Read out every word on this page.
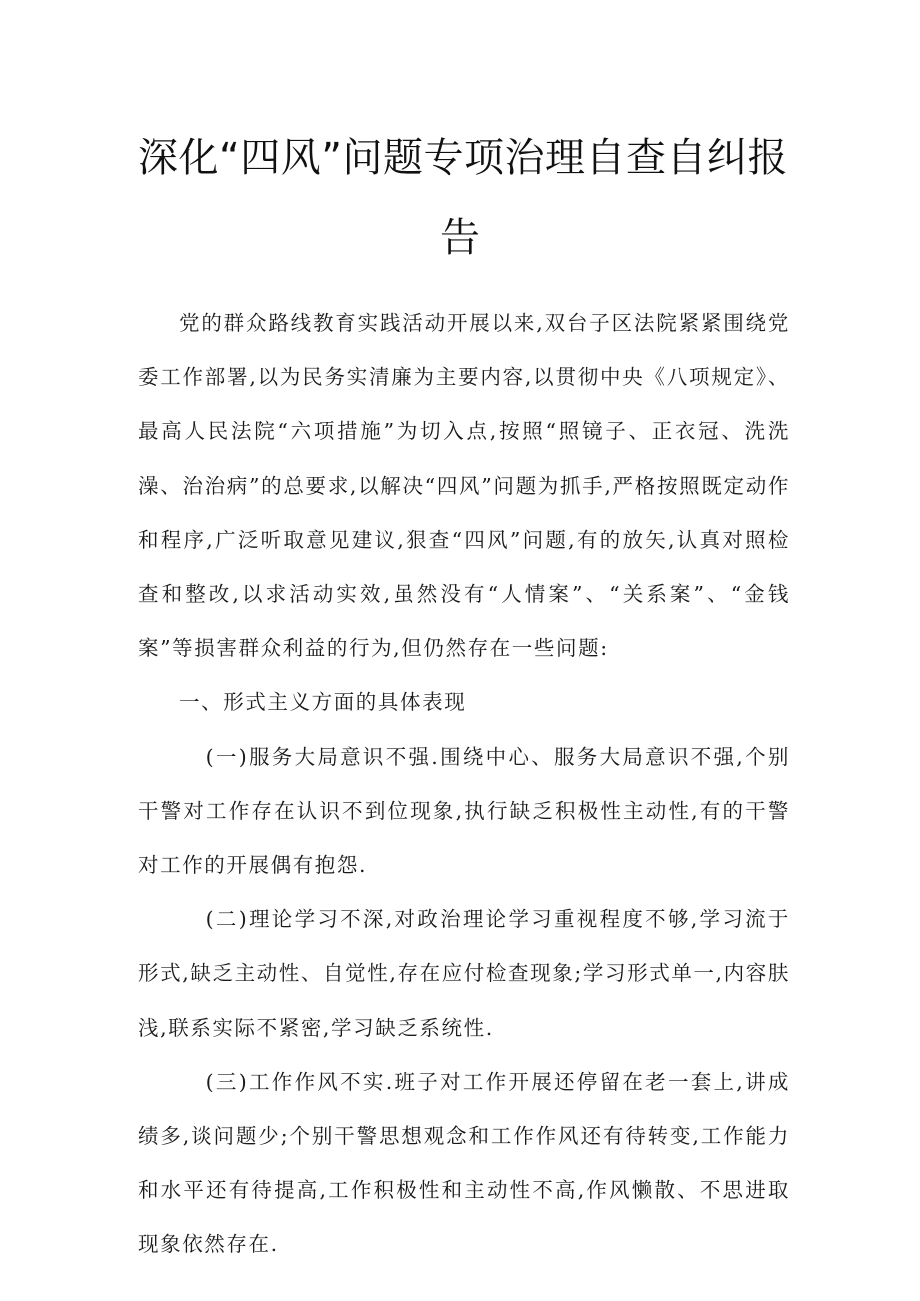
深化“四风”问题专项治理自查自纠报
告

党的群众路线教育实践活动开展以来,双台子区法院紧紧围绕党委工作部署,以为民务实清廉为主要内容,以贯彻中央《八项规定》、最高人民法院“六项措施”为切入点,按照“照镜子、正衣冠、洗洗澡、治治病”的总要求,以解决“四风”问题为抓手,严格按照既定动作和程序,广泛听取意见建议,狠查“四风”问题,有的放矢,认真对照检查和整改,以求活动实效,虽然没有“人情案”、“关系案”、“金钱案”等损害群众利益的行为,但仍然存在一些问题:

一、形式主义方面的具体表现

(一)服务大局意识不强.围绕中心、服务大局意识不强,个别干警对工作存在认识不到位现象,执行缺乏积极性主动性,有的干警对工作的开展偶有抱怨.

(二)理论学习不深,对政治理论学习重视程度不够,学习流于形式,缺乏主动性、自觉性,存在应付检查现象;学习形式单一,内容肤浅,联系实际不紧密,学习缺乏系统性.

(三)工作作风不实.班子对工作开展还停留在老一套上,讲成绩多,谈问题少;个别干警思想观念和工作作风还有待转变,工作能力和水平还有待提高,工作积极性和主动性不高,作风懒散、不思进取现象依然存在.
